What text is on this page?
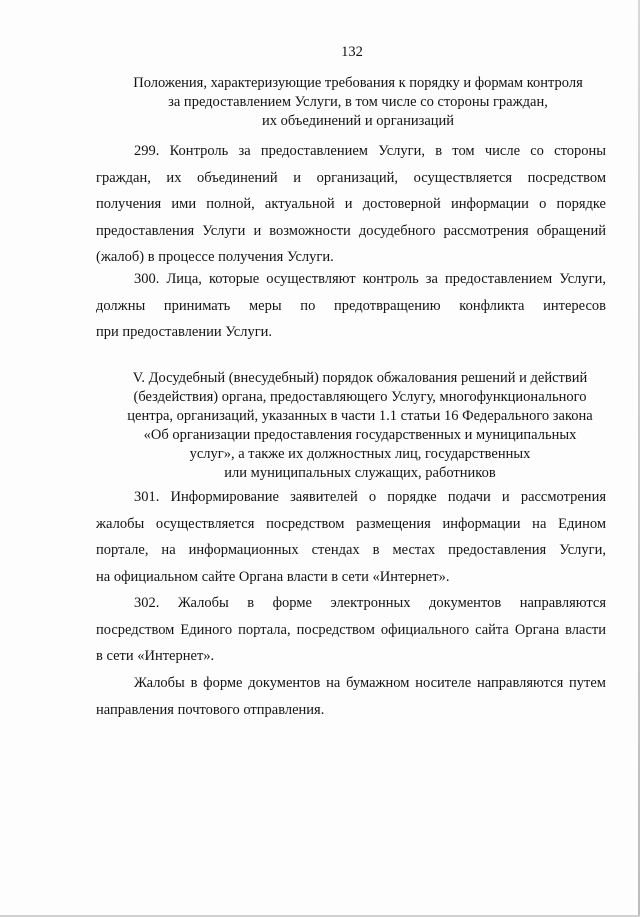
132
Положения, характеризующие требования к порядку и формам контроля
за предоставлением Услуги, в том числе со стороны граждан,
их объединений и организаций
299. Контроль за предоставлением Услуги, в том числе со стороны
граждан, их объединений и организаций, осуществляется посредством
получения ими полной, актуальной и достоверной информации о порядке
предоставления Услуги и возможности досудебного рассмотрения обращений
(жалоб) в процессе получения Услуги.
300. Лица, которые осуществляют контроль за предоставлением Услуги,
должны принимать меры по предотвращению конфликта интересов
при предоставлении Услуги.
V. Досудебный (внесудебный) порядок обжалования решений и действий
(бездействия) органа, предоставляющего Услугу, многофункционального
центра, организаций, указанных в части 1.1 статьи 16 Федерального закона
«Об организации предоставления государственных и муниципальных
услуг», а также их должностных лиц, государственных
или муниципальных служащих, работников
301. Информирование заявителей о порядке подачи и рассмотрения
жалобы осуществляется посредством размещения информации на Едином
портале, на информационных стендах в местах предоставления Услуги,
на официальном сайте Органа власти в сети «Интернет».
302. Жалобы в форме электронных документов направляются
посредством Единого портала, посредством официального сайта Органа власти
в сети «Интернет».
Жалобы в форме документов на бумажном носителе направляются путем
направления почтового отправления.
